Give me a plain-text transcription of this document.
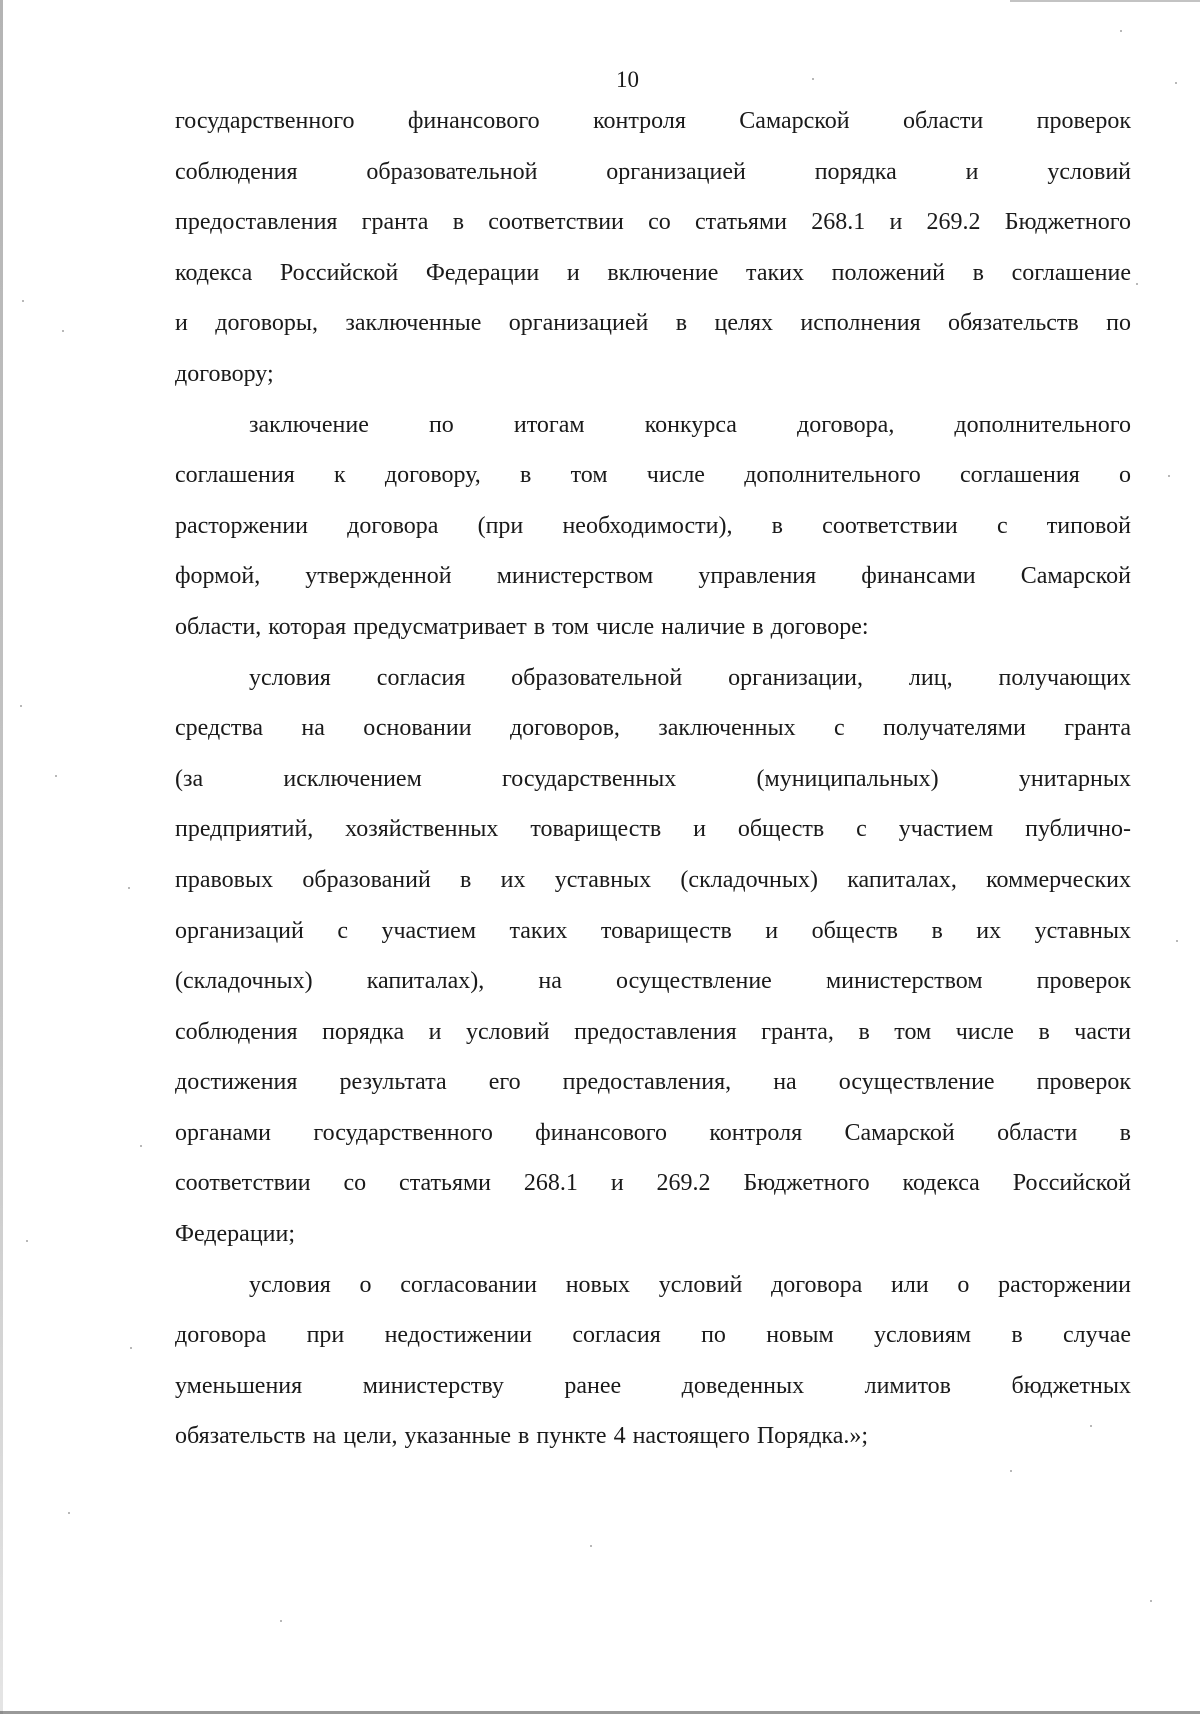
10
государственного финансового контроля Самарской области проверок
соблюдения образовательной организацией порядка и условий
предоставления гранта в соответствии со статьями 268.1 и 269.2 Бюджетного
кодекса Российской Федерации и включение таких положений в соглашение
и договоры, заключенные организацией в целях исполнения обязательств по
договору;
заключение по итогам конкурса договора, дополнительного
соглашения к договору, в том числе дополнительного соглашения о
расторжении договора (при необходимости), в соответствии с типовой
формой, утвержденной министерством управления финансами Самарской
области, которая предусматривает в том числе наличие в договоре:
условия согласия образовательной организации, лиц, получающих
средства на основании договоров, заключенных с получателями гранта
(за исключением государственных (муниципальных) унитарных
предприятий, хозяйственных товариществ и обществ с участием публично-
правовых образований в их уставных (складочных) капиталах, коммерческих
организаций с участием таких товариществ и обществ в их уставных
(складочных) капиталах), на осуществление министерством проверок
соблюдения порядка и условий предоставления гранта, в том числе в части
достижения результата его предоставления, на осуществление проверок
органами государственного финансового контроля Самарской области в
соответствии со статьями 268.1 и 269.2 Бюджетного кодекса Российской
Федерации;
условия о согласовании новых условий договора или о расторжении
договора при недостижении согласия по новым условиям в случае
уменьшения министерству ранее доведенных лимитов бюджетных
обязательств на цели, указанные в пункте 4 настоящего Порядка.»;
